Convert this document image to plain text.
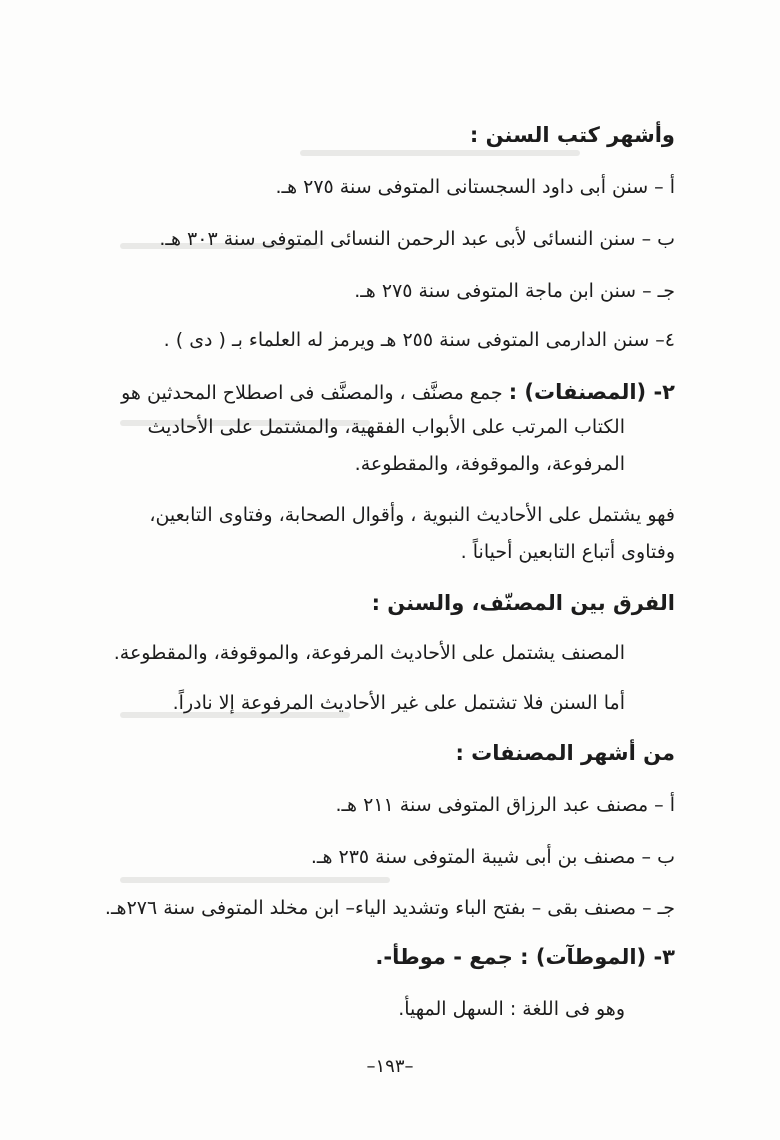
وأشهر كتب السنن :
أ – سنن أبى داود السجستانى المتوفى سنة ٢٧٥ هـ.
ب – سنن النسائى لأبى عبد الرحمن النسائى المتوفى سنة ٣٠٣ هـ.
جـ – سنن ابن ماجة المتوفى سنة ٢٧٥ هـ.
٤– سنن الدارمى المتوفى سنة ٢٥٥ هـ ويرمز له العلماء بـ ( دى ) .
٢- (المصنفات) : جمع مصنَّف ، والمصنَّف فى اصطلاح المحدثين هو
الكتاب المرتب على الأبواب الفقهية، والمشتمل على الأحاديث
المرفوعة، والموقوفة، والمقطوعة.
فهو يشتمل على الأحاديث النبوية ، وأقوال الصحابة، وفتاوى التابعين،
وفتاوى أتباع التابعين أحياناً .
الفرق بين المصنّف، والسنن :
المصنف يشتمل على الأحاديث المرفوعة، والموقوفة، والمقطوعة.
أما السنن فلا تشتمل على غير الأحاديث المرفوعة إلا نادراً.
من أشهر المصنفات :
أ – مصنف عبد الرزاق المتوفى سنة ٢١١ هـ.
ب – مصنف بن أبى شيبة المتوفى سنة ٢٣٥ هـ.
جـ – مصنف بقى – بفتح الباء وتشديد الياء– ابن مخلد المتوفى سنة ٢٧٦هـ.
٣- (الموطآت) : جمع - موطأ-.
وهو فى اللغة : السهل المهيأ.
–١٩٣–
